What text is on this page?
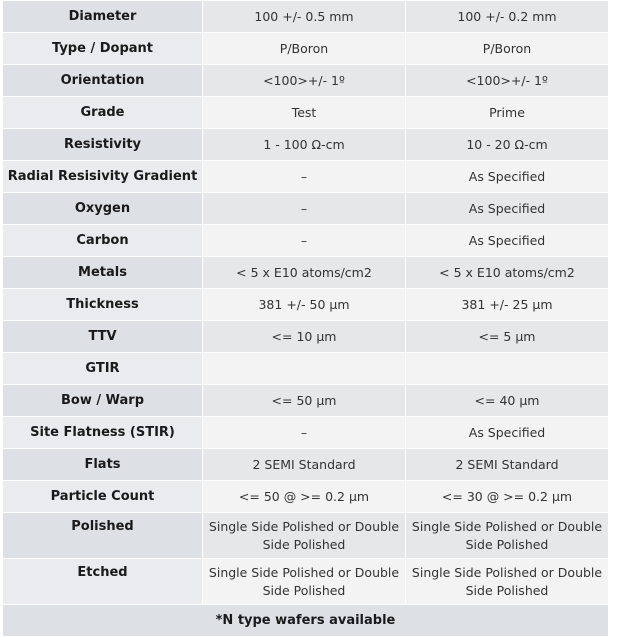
Diameter	100 +/- 0.5 mm	100 +/- 0.2 mm
Type / Dopant	P/Boron	P/Boron
Orientation	<100>+/- 1º	<100>+/- 1º
Grade	Test	Prime
Resistivity	1 - 100 Ω-cm	10 - 20 Ω-cm
Radial Resisivity Gradient	–	As Specified
Oxygen	–	As Specified
Carbon	–	As Specified
Metals	< 5 x E10 atoms/cm2	< 5 x E10 atoms/cm2
Thickness	381 +/- 50 µm	381 +/- 25 µm
TTV	<= 10 µm	<= 5 µm
GTIR		
Bow / Warp	<= 50 µm	<= 40 µm
Site Flatness (STIR)	–	As Specified
Flats	2 SEMI Standard	2 SEMI Standard
Particle Count	<= 50 @ >= 0.2 µm	<= 30 @ >= 0.2 µm
Polished	Single Side Polished or Double Side Polished	Single Side Polished or Double Side Polished
Etched	Single Side Polished or Double Side Polished	Single Side Polished or Double Side Polished
*N type wafers available		
